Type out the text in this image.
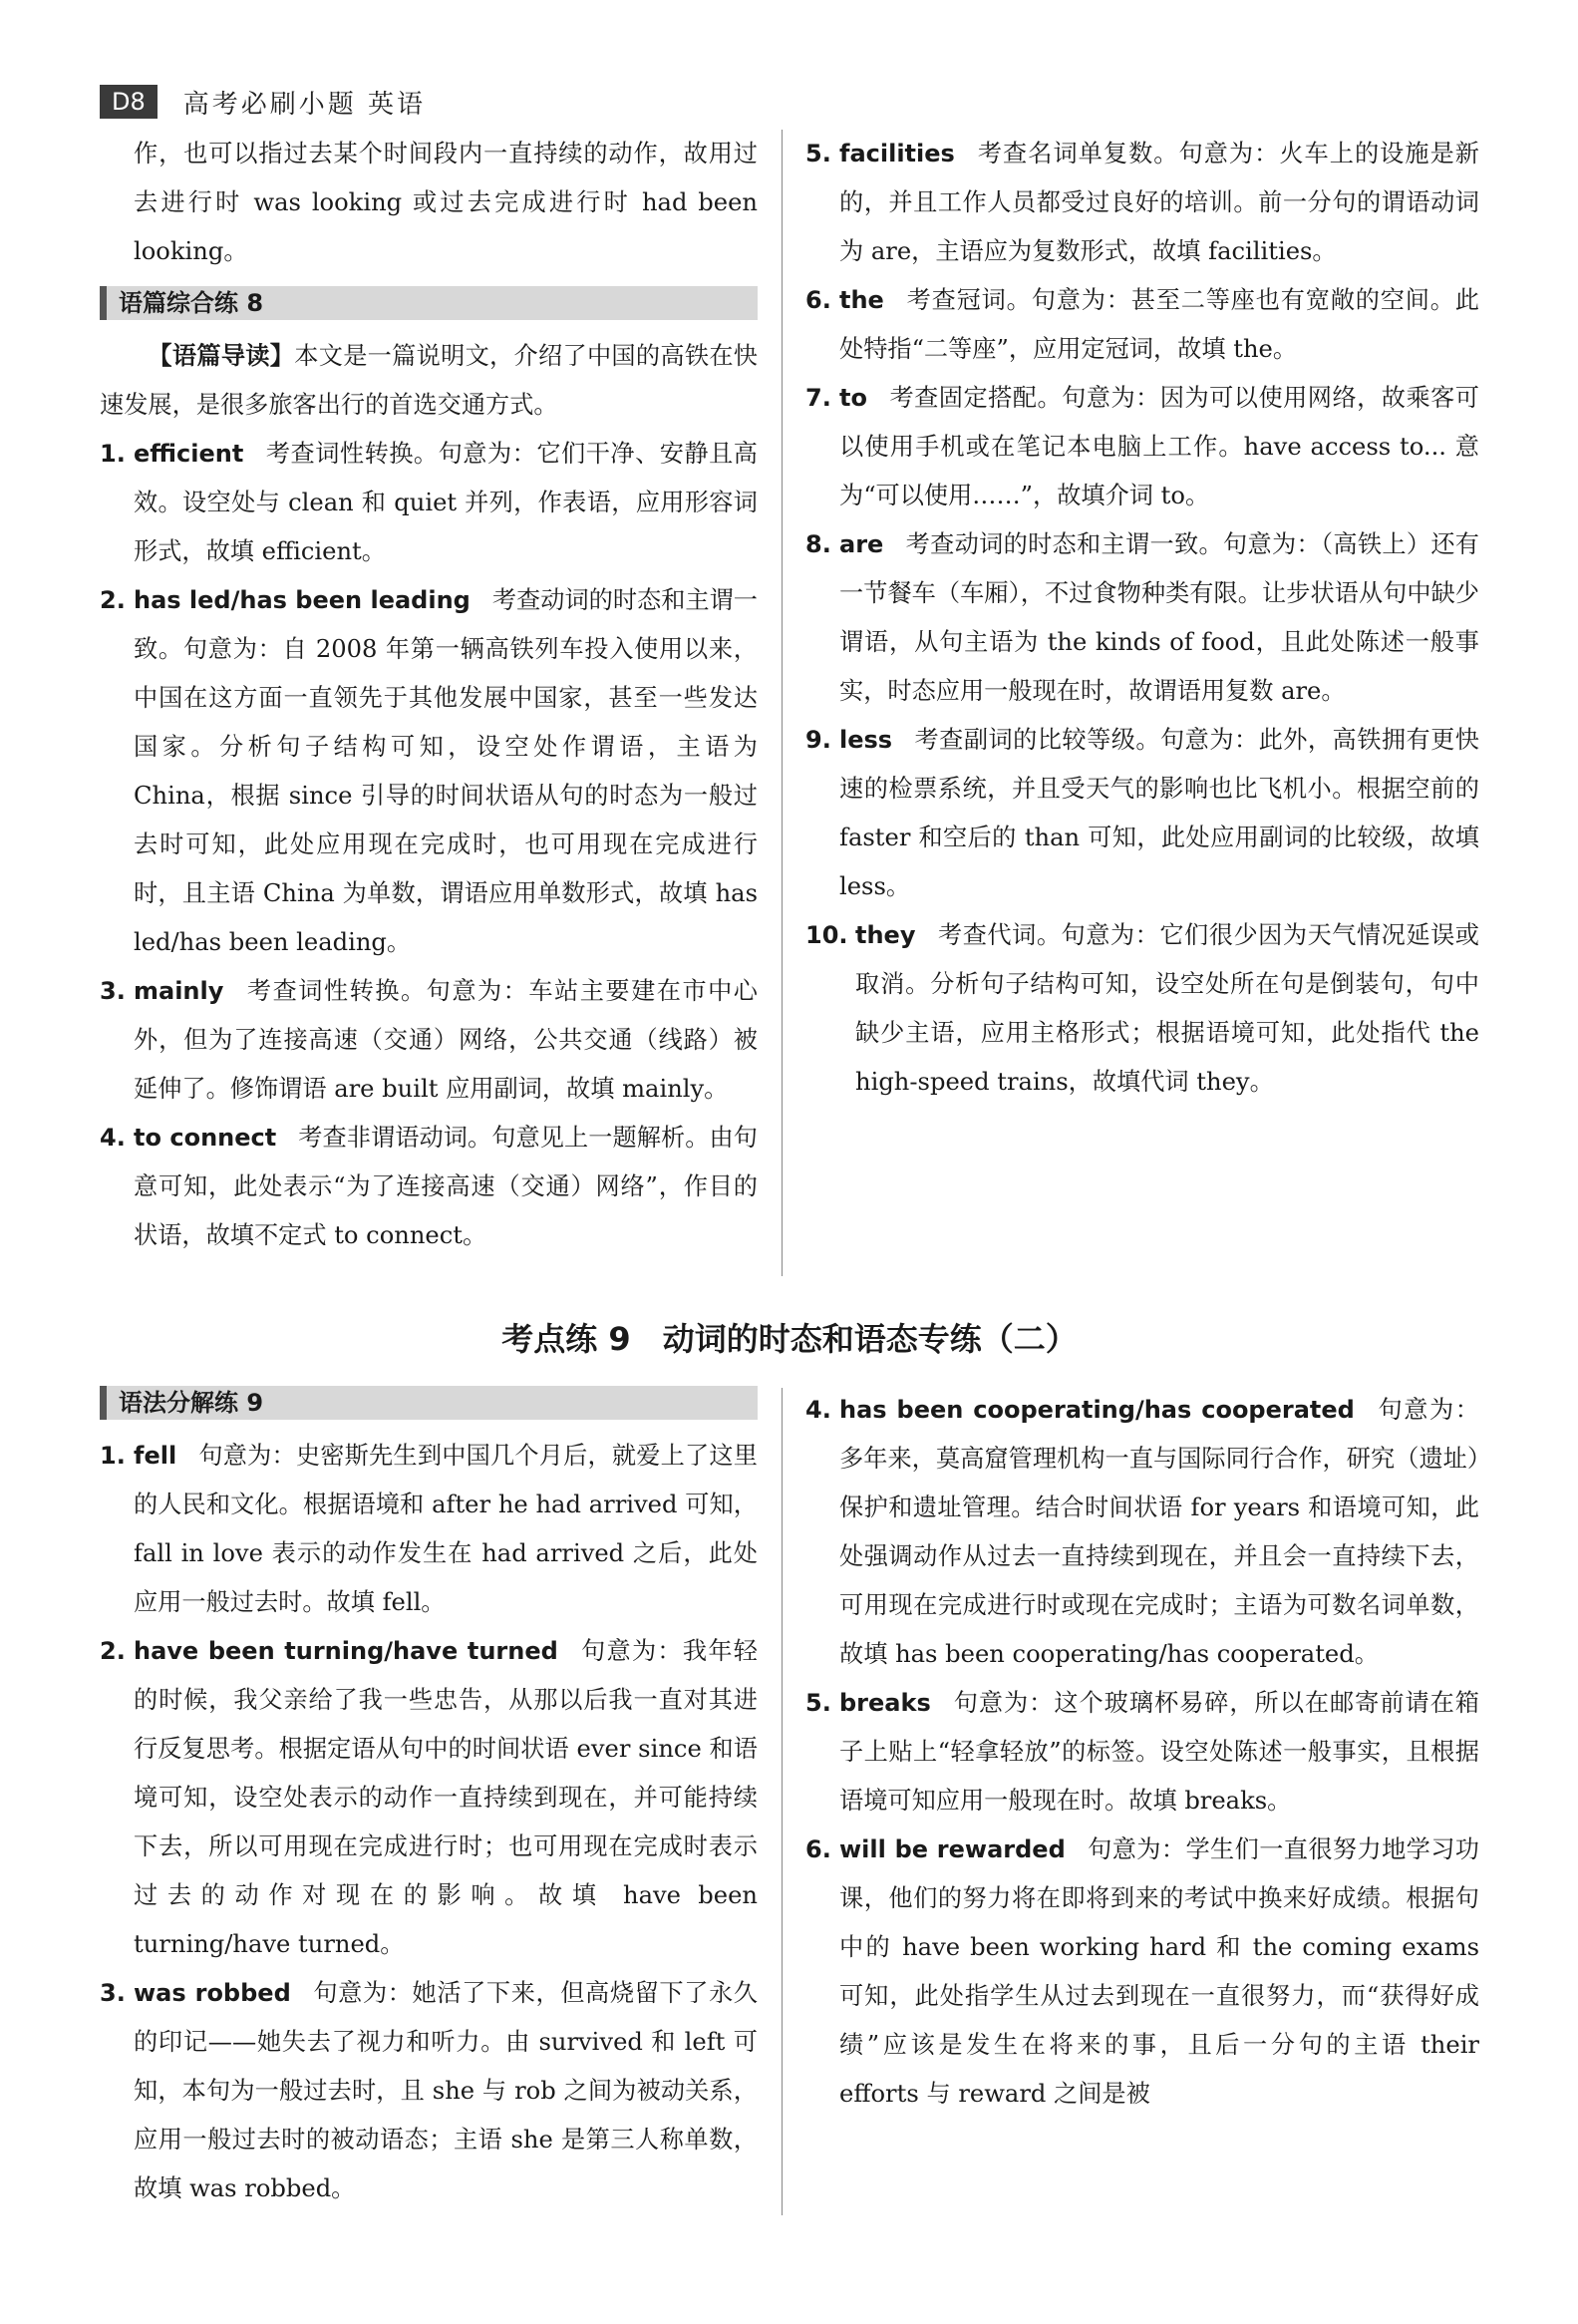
D8	高考必刷小题 英语

作，也可以指过去某个时间段内一直持续的动作，故用过去进行时 was looking 或过去完成进行时 had been looking。

语篇综合练 8

【语篇导读】本文是一篇说明文，介绍了中国的高铁在快速发展，是很多旅客出行的首选交通方式。

1. efficient 考查词性转换。句意为：它们干净、安静且高效。设空处与 clean 和 quiet 并列，作表语，应用形容词形式，故填 efficient。
2. has led/has been leading 考查动词的时态和主谓一致。句意为：自 2008 年第一辆高铁列车投入使用以来，中国在这方面一直领先于其他发展中国家，甚至一些发达国家。分析句子结构可知，设空处作谓语，主语为 China，根据 since 引导的时间状语从句的时态为一般过去时可知，此处应用现在完成时，也可用现在完成进行时，且主语 China 为单数，谓语应用单数形式，故填 has led/has been leading。
3. mainly 考查词性转换。句意为：车站主要建在市中心外，但为了连接高速（交通）网络，公共交通（线路）被延伸了。修饰谓语 are built 应用副词，故填 mainly。
4. to connect 考查非谓语动词。句意见上一题解析。由句意可知，此处表示“为了连接高速（交通）网络”，作目的状语，故填不定式 to connect。
5. facilities 考查名词单复数。句意为：火车上的设施是新的，并且工作人员都受过良好的培训。前一分句的谓语动词为 are，主语应为复数形式，故填 facilities。
6. the 考查冠词。句意为：甚至二等座也有宽敞的空间。此处特指“二等座”，应用定冠词，故填 the。
7. to 考查固定搭配。句意为：因为可以使用网络，故乘客可以使用手机或在笔记本电脑上工作。have access to... 意为“可以使用……”，故填介词 to。
8. are 考查动词的时态和主谓一致。句意为：（高铁上）还有一节餐车（车厢），不过食物种类有限。让步状语从句中缺少谓语，从句主语为 the kinds of food，且此处陈述一般事实，时态应用一般现在时，故谓语用复数 are。
9. less 考查副词的比较等级。句意为：此外，高铁拥有更快速的检票系统，并且受天气的影响也比飞机小。根据空前的 faster 和空后的 than 可知，此处应用副词的比较级，故填 less。
10. they 考查代词。句意为：它们很少因为天气情况延误或取消。分析句子结构可知，设空处所在句是倒装句，句中缺少主语，应用主格形式；根据语境可知，此处指代 the high-speed trains，故填代词 they。
考点练 9　动词的时态和语态专练（二）
语法分解练 9
1. fell 句意为：史密斯先生到中国几个月后，就爱上了这里的人民和文化。根据语境和 after he had arrived 可知，fall in love 表示的动作发生在 had arrived 之后，此处应用一般过去时。故填 fell。
2. have been turning/have turned 句意为：我年轻的时候，我父亲给了我一些忠告，从那以后我一直对其进行反复思考。根据定语从句中的时间状语 ever since 和语境可知，设空处表示的动作一直持续到现在，并可能持续下去，所以可用现在完成进行时；也可用现在完成时表示过去的动作对现在的影响。故填 have been turning/have turned。
3. was robbed 句意为：她活了下来，但高烧留下了永久的印记——她失去了视力和听力。由 survived 和 left 可知，本句为一般过去时，且 she 与 rob 之间为被动关系，应用一般过去时的被动语态；主语 she 是第三人称单数，故填 was robbed。
4. has been cooperating/has cooperated 句意为：多年来，莫高窟管理机构一直与国际同行合作，研究（遗址）保护和遗址管理。结合时间状语 for years 和语境可知，此处强调动作从过去一直持续到现在，并且会一直持续下去，可用现在完成进行时或现在完成时；主语为可数名词单数，故填 has been cooperating/has cooperated。
5. breaks 句意为：这个玻璃杯易碎，所以在邮寄前请在箱子上贴上“轻拿轻放”的标签。设空处陈述一般事实，且根据语境可知应用一般现在时。故填 breaks。
6. will be rewarded 句意为：学生们一直很努力地学习功课，他们的努力将在即将到来的考试中换来好成绩。根据句中的 have been working hard 和 the coming exams 可知，此处指学生从过去到现在一直很努力，而“获得好成绩”应该是发生在将来的事，且后一分句的主语 their efforts 与 reward 之间是被
